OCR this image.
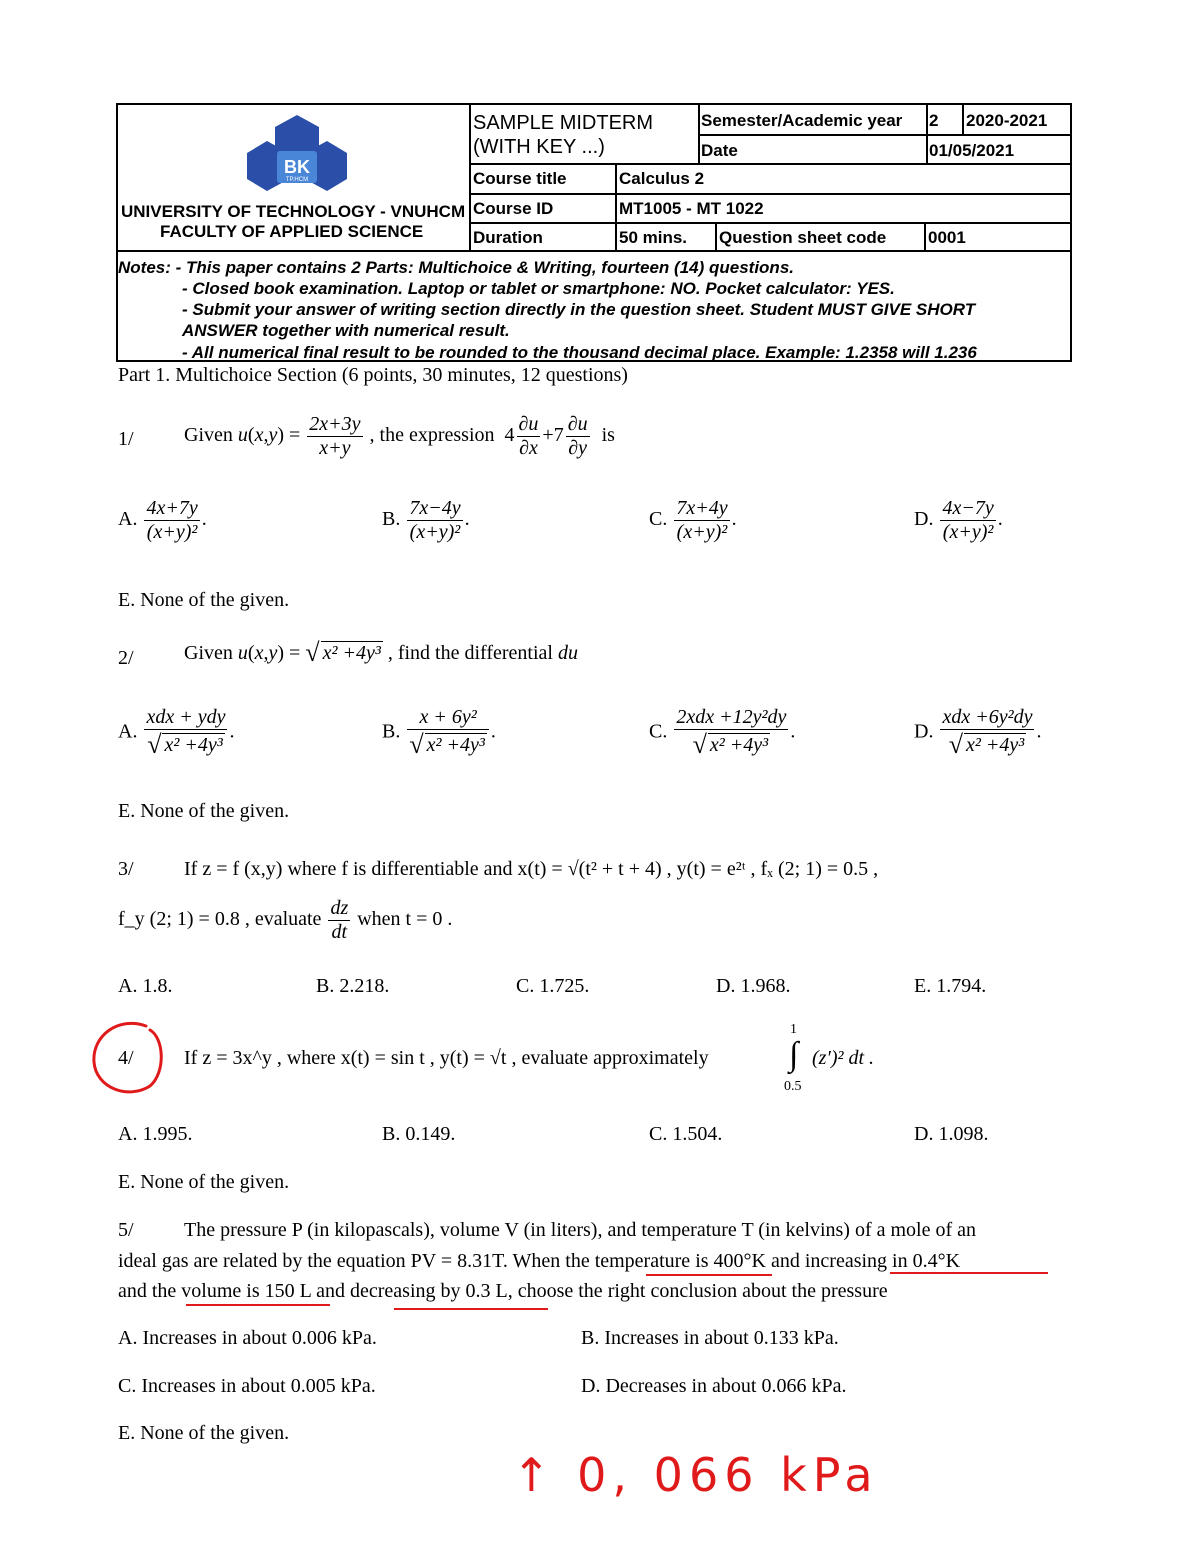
BK
TP.HCM
UNIVERSITY OF TECHNOLOGY - VNUHCM
FACULTY OF APPLIED SCIENCE
SAMPLE MIDTERM
(WITH KEY ...)
Semester/Academic year 2 2020-2021
Date	01/05/2021
Course title	Calculus 2
Course ID	MT1005 - MT 1022
Duration	50 mins. Question sheet code 0001
Notes: - This paper contains 2 Parts: Multichoice & Writing, fourteen (14) questions.
- Closed book examination. Laptop or tablet or smartphone: NO. Pocket calculator: YES.
- Submit your answer of writing section directly in the question sheet. Student MUST GIVE SHORT
ANSWER together with numerical result.
- All numerical final result to be rounded to the thousand decimal place. Example: 1.2358 will 1.236
Part 1. Multichoice Section (6 points, 30 minutes, 12 questions)
1/	Given $u(x,y) = \frac{2x+3y}{x+y}$ , the expression  $4 \frac{\partial u}{\partial x} +7 \frac{\partial u}{\partial y}$ is
A. $\frac{4x+7y}{\text{(x+y)²}}$ .	B. $\frac{7x-4y}{\text{(x+y)²}}$ .	C. $\frac{7x+4y}{\text{(x+y)²}}$ .	D. $\frac{4x-7y}{\text{(x+y)²}}$ .
E. None of the given.
2/	Given u(x,y) = √ x² +4y³ , find the differential du
A. $\frac{\text{xdx + ydy}}{\text{√ x² +4y³}}$ .	B. $\frac{\text{x + 6y²}}{\text{√ x² +4y³}}$ .	C. $\frac{\text{2xdx +12y²dy}}{\text{√ x² +4y³}}$ .	D. $\frac{\text{xdx +6y²dy}}{\text{√ x² +4y³}}$ .
E. None of the given.
3/	If z = f (x,y) where f is differentiable and x(t) = √(t² + t + 4) , y(t) = e²ᵗ , fₓ (2; 1) = 0.5 ,
f_y (2; 1) = 0.8 , evaluate $\frac{dz}{dt}$ when t = 0 .
A. 1.8.	B. 2.218.	C. 1.725.	D. 1.968.	E. 1.794.
4/	If z = 3x^y , where x(t) = sin t , y(t) = √t , evaluate approximately
1
∫
0.5
(z′)² dt .
A. 1.995.	B. 0.149.	C. 1.504.	D. 1.098.
E. None of the given.
5/	The pressure P (in kilopascals), volume V (in liters), and temperature T (in kelvins) of a mole of an
ideal gas are related by the equation PV = 8.31T. When the temperature is 400°K and increasing in 0.4°K
and the volume is 150 L and decreasing by 0.3 L, choose the right conclusion about the pressure
A. Increases in about 0.006 kPa.	B. Increases in about 0.133 kPa.
C. Increases in about 0.005 kPa.	D. Decreases in about 0.066 kPa.
E. None of the given.
↑ 0, 066 kPa
